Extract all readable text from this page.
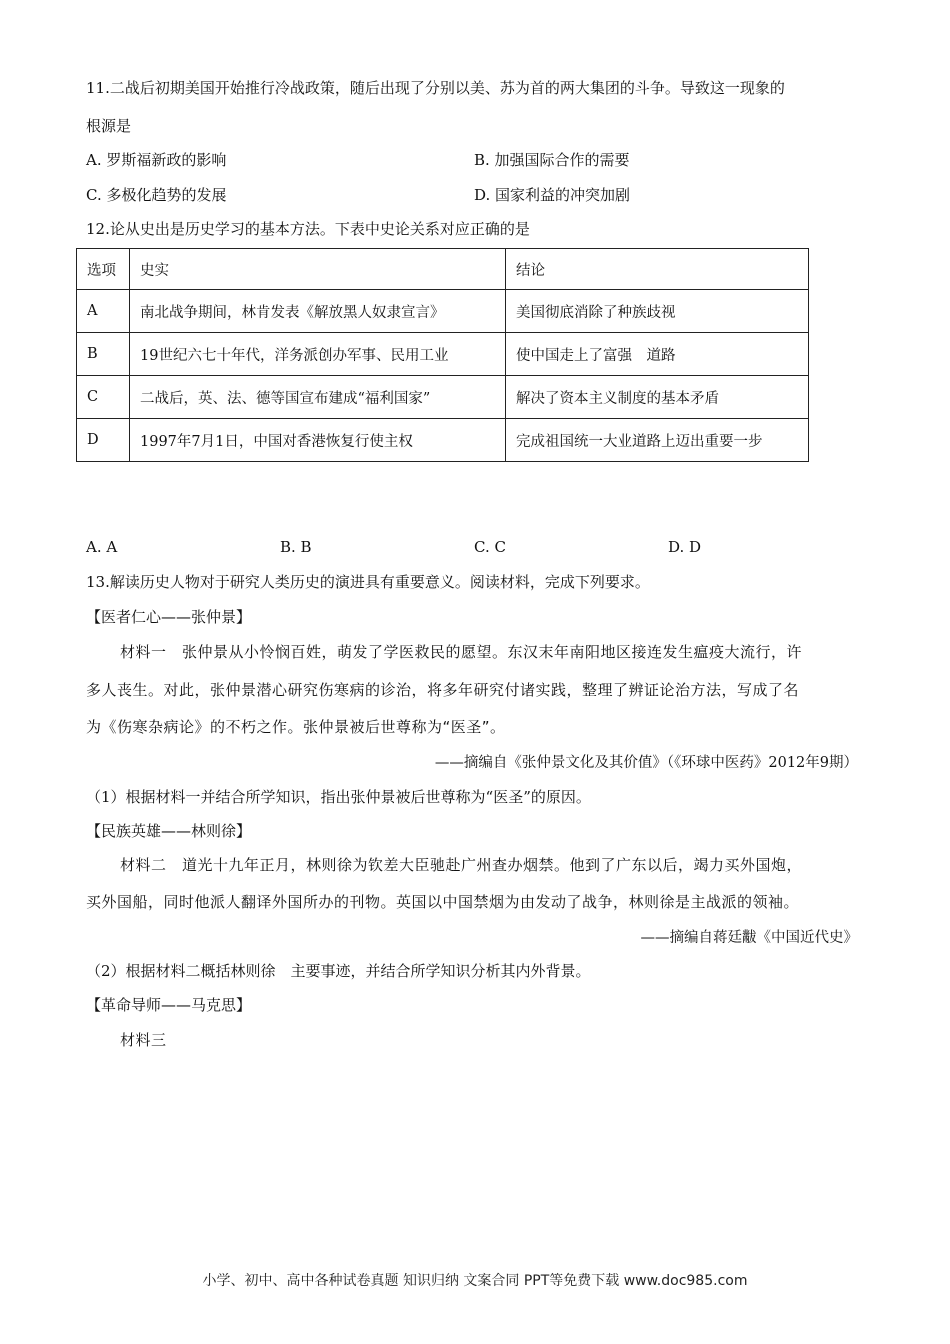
11.二战后初期美国开始推行冷战政策，随后出现了分别以美、苏为首的两大集团的斗争。导致这一现象的
根源是
A. 罗斯福新政的影响	B. 加强国际合作的需要
C. 多极化趋势的发展	D. 国家利益的冲突加剧
12.论从史出是历史学习的基本方法。下表中史论关系对应正确的是
选项	史实	结论
A	南北战争期间，林肯发表《解放黑人奴隶宣言》	美国彻底消除了种族歧视
B	19世纪六七十年代，洋务派创办军事、民用工业	使中国走上了富强　道路
C	二战后，英、法、德等国宣布建成“福利国家”	解决了资本主义制度的基本矛盾
D	1997年7月1日，中国对香港恢复行使主权	完成祖国统一大业道路上迈出重要一步
A. A	B. B	C. C	D. D
13.解读历史人物对于研究人类历史的演进具有重要意义。阅读材料，完成下列要求。
【医者仁心——张仲景】
材料一　张仲景从小怜悯百姓，萌发了学医救民的愿望。东汉末年南阳地区接连发生瘟疫大流行，许
多人丧生。对此，张仲景潜心研究伤寒病的诊治，将多年研究付诸实践，整理了辨证论治方法，写成了名
为《伤寒杂病论》的不朽之作。张仲景被后世尊称为“医圣”。
——摘编自《张仲景文化及其价值》（《环球中医药》2012年9期）
（1）根据材料一并结合所学知识，指出张仲景被后世尊称为“医圣”的原因。
【民族英雄——林则徐】
材料二　道光十九年正月，林则徐为钦差大臣驰赴广州查办烟禁。他到了广东以后，竭力买外国炮，
买外国船，同时他派人翻译外国所办的刊物。英国以中国禁烟为由发动了战争，林则徐是主战派的领袖。
——摘编自蒋廷黻《中国近代史》
（2）根据材料二概括林则徐　主要事迹，并结合所学知识分析其内外背景。
【革命导师——马克思】
材料三
小学、初中、高中各种试卷真题 知识归纳 文案合同 PPT等免费下载 www.doc985.com
